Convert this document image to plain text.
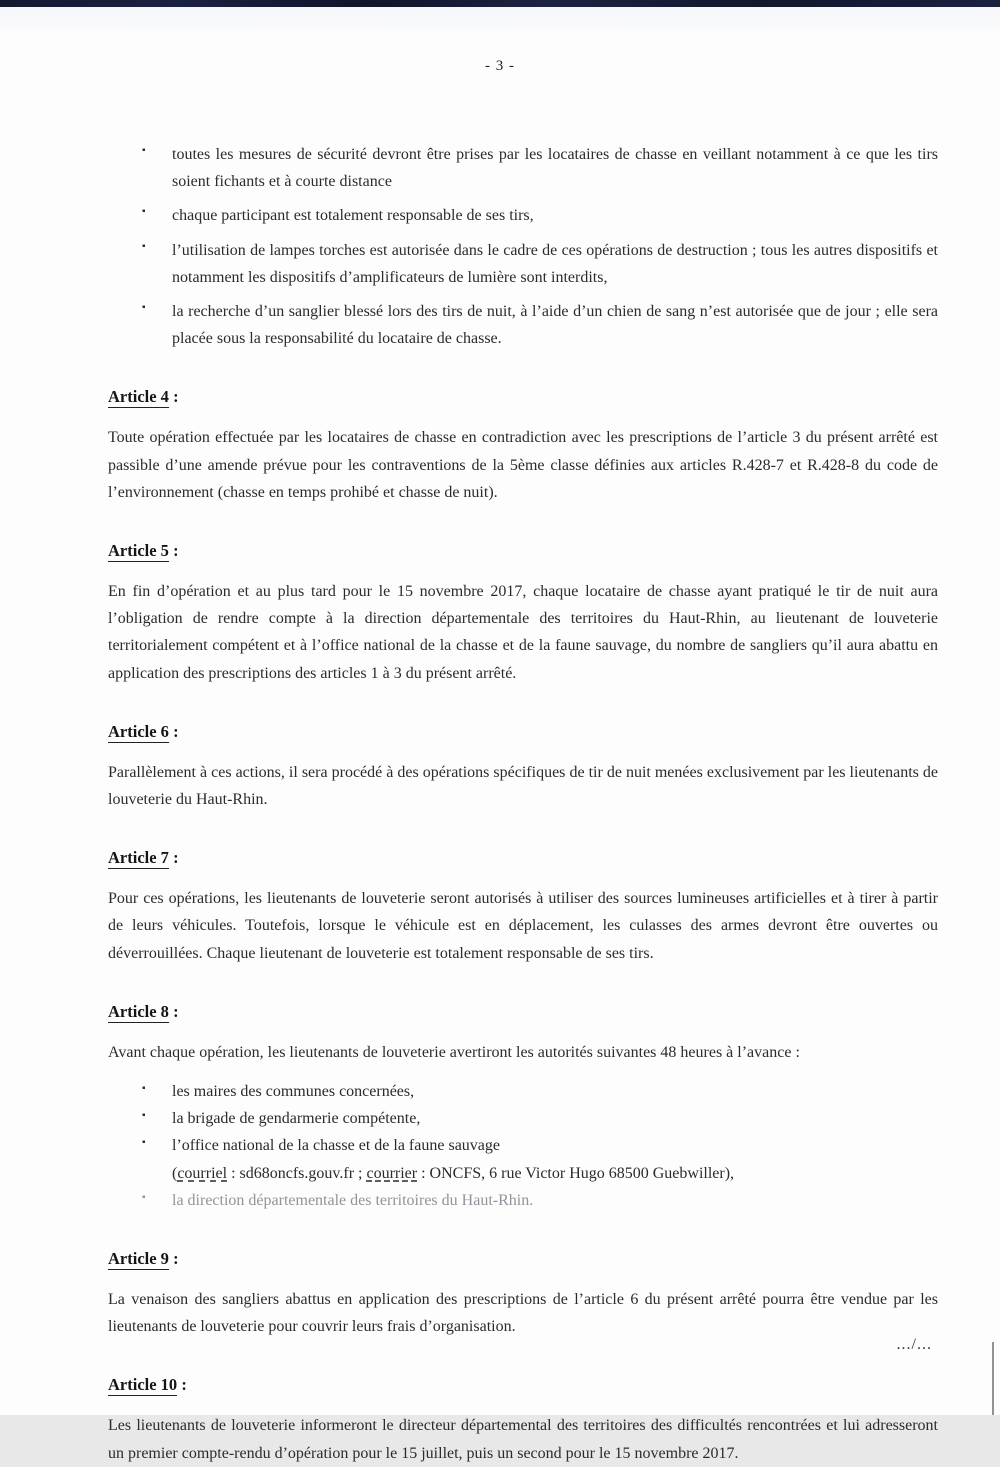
- 3 -
▪ toutes les mesures de sécurité devront être prises par les locataires de chasse en veillant notamment à ce que les tirs soient fichants et à courte distance
▪ chaque participant est totalement responsable de ses tirs,
▪ l’utilisation de lampes torches est autorisée dans le cadre de ces opérations de destruction ; tous les autres dispositifs et notamment les dispositifs d’amplificateurs de lumière sont interdits,
▪ la recherche d’un sanglier blessé lors des tirs de nuit, à l’aide d’un chien de sang n’est autorisée que de jour ; elle sera placée sous la responsabilité du locataire de chasse.
Article 4 :

Toute opération effectuée par les locataires de chasse en contradiction avec les prescriptions de l’article 3 du présent arrêté est passible d’une amende prévue pour les contraventions de la 5ème classe définies aux articles R.428-7 et R.428-8 du code de l’environnement (chasse en temps prohibé et chasse de nuit).

Article 5 :

En fin d’opération et au plus tard pour le 15 novembre 2017, chaque locataire de chasse ayant pratiqué le tir de nuit aura l’obligation de rendre compte à la direction départementale des territoires du Haut-Rhin, au lieutenant de louveterie territorialement compétent et à l’office national de la chasse et de la faune sauvage, du nombre de sangliers qu’il aura abattu en application des prescriptions des articles 1 à 3 du présent arrêté.

Article 6 :

Parallèlement à ces actions, il sera procédé à des opérations spécifiques de tir de nuit menées exclusivement par les lieutenants de louveterie du Haut-Rhin.

Article 7 :

Pour ces opérations, les lieutenants de louveterie seront autorisés à utiliser des sources lumineuses artificielles et à tirer à partir de leurs véhicules. Toutefois, lorsque le véhicule est en déplacement, les culasses des armes devront être ouvertes ou déverrouillées. Chaque lieutenant de louveterie est totalement responsable de ses tirs.

Article 8 :

Avant chaque opération, les lieutenants de louveterie avertiront les autorités suivantes 48 heures à l’avance :

▪ les maires des communes concernées,
▪ la brigade de gendarmerie compétente,
▪ l’office national de la chasse et de la faune sauvage
(courriel : sd68oncfs.gouv.fr ; courrier : ONCFS, 6 rue Victor Hugo 68500 Guebwiller),
▪ la direction départementale des territoires du Haut-Rhin.
Article 9 :

La venaison des sangliers abattus en application des prescriptions de l’article 6 du présent arrêté pourra être vendue par les lieutenants de louveterie pour couvrir leurs frais d’organisation.

Article 10 :

Les lieutenants de louveterie informeront le directeur départemental des territoires des difficultés rencontrées et lui adresseront un premier compte-rendu d’opération pour le 15 juillet, puis un second pour le 15 novembre 2017.

.../...
